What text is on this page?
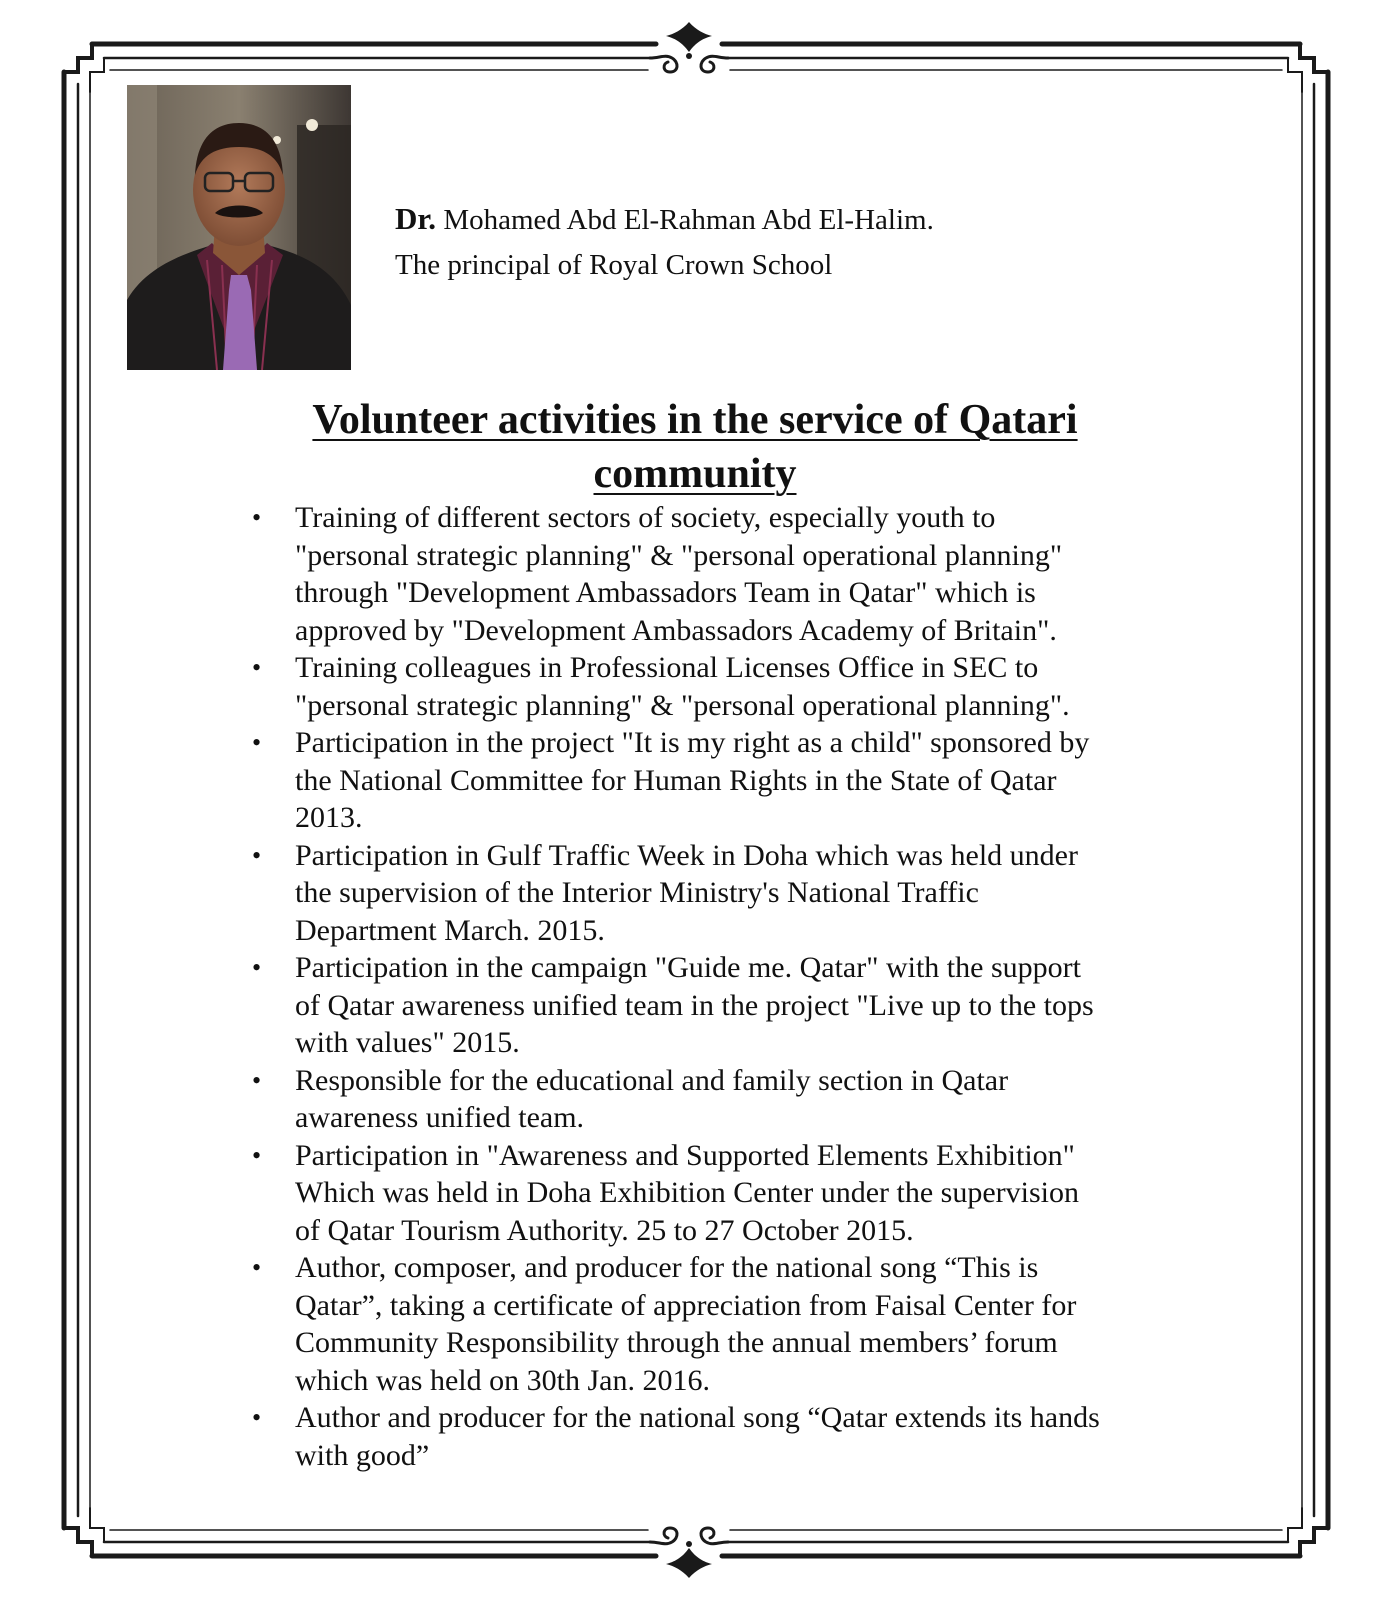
Dr. Mohamed Abd El-Rahman Abd El-Halim.
The principal of Royal Crown School
Volunteer activities in the service of Qatari
community
• Training of different sectors of society, especially youth to
"personal strategic planning" & "personal operational planning"
through "Development Ambassadors Team in Qatar" which is
approved by "Development Ambassadors Academy of Britain".
• Training colleagues in Professional Licenses Office in SEC to
"personal strategic planning" & "personal operational planning".
• Participation in the project "It is my right as a child" sponsored by
the National Committee for Human Rights in the State of Qatar
2013.
• Participation in Gulf Traffic Week in Doha which was held under
the supervision of the Interior Ministry's National Traffic
Department March. 2015.
• Participation in the campaign "Guide me. Qatar" with the support
of Qatar awareness unified team in the project "Live up to the tops
with values" 2015.
• Responsible for the educational and family section in Qatar
awareness unified team.
• Participation in "Awareness and Supported Elements Exhibition"
Which was held in Doha Exhibition Center under the supervision
of Qatar Tourism Authority. 25 to 27 October 2015.
• Author, composer, and producer for the national song “This is
Qatar”, taking a certificate of appreciation from Faisal Center for
Community Responsibility through the annual members’ forum
which was held on 30th Jan. 2016.
• Author and producer for the national song “Qatar extends its hands
with good”
